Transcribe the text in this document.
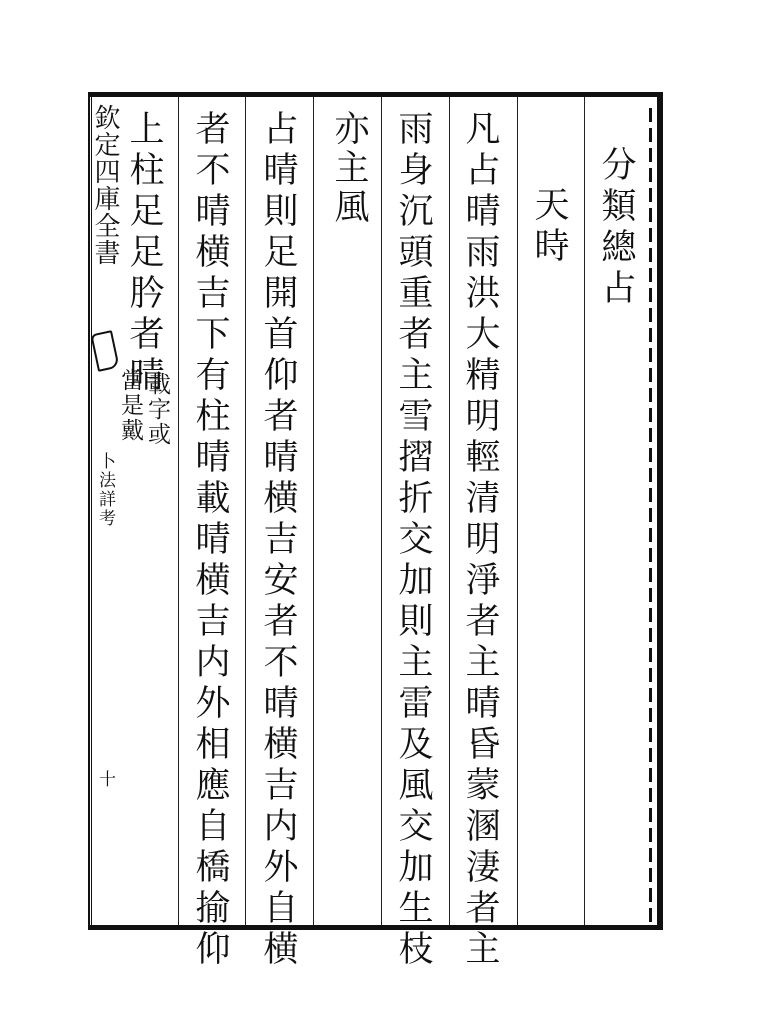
分類總占
天時
凡占晴雨洪大精明輕清明淨者主晴昏蒙溷淒者主
雨身沉頭重者主雪摺折交加則主雷及風交加生枝
亦主風
占晴則足開首仰者晴横吉安者不晴横吉内外自横
者不晴横吉下有柱晴載晴横吉内外相應自橋揄仰
上柱足足肣者晴
載字或
當是戴
欽定四庫全書
卜法詳考
十
